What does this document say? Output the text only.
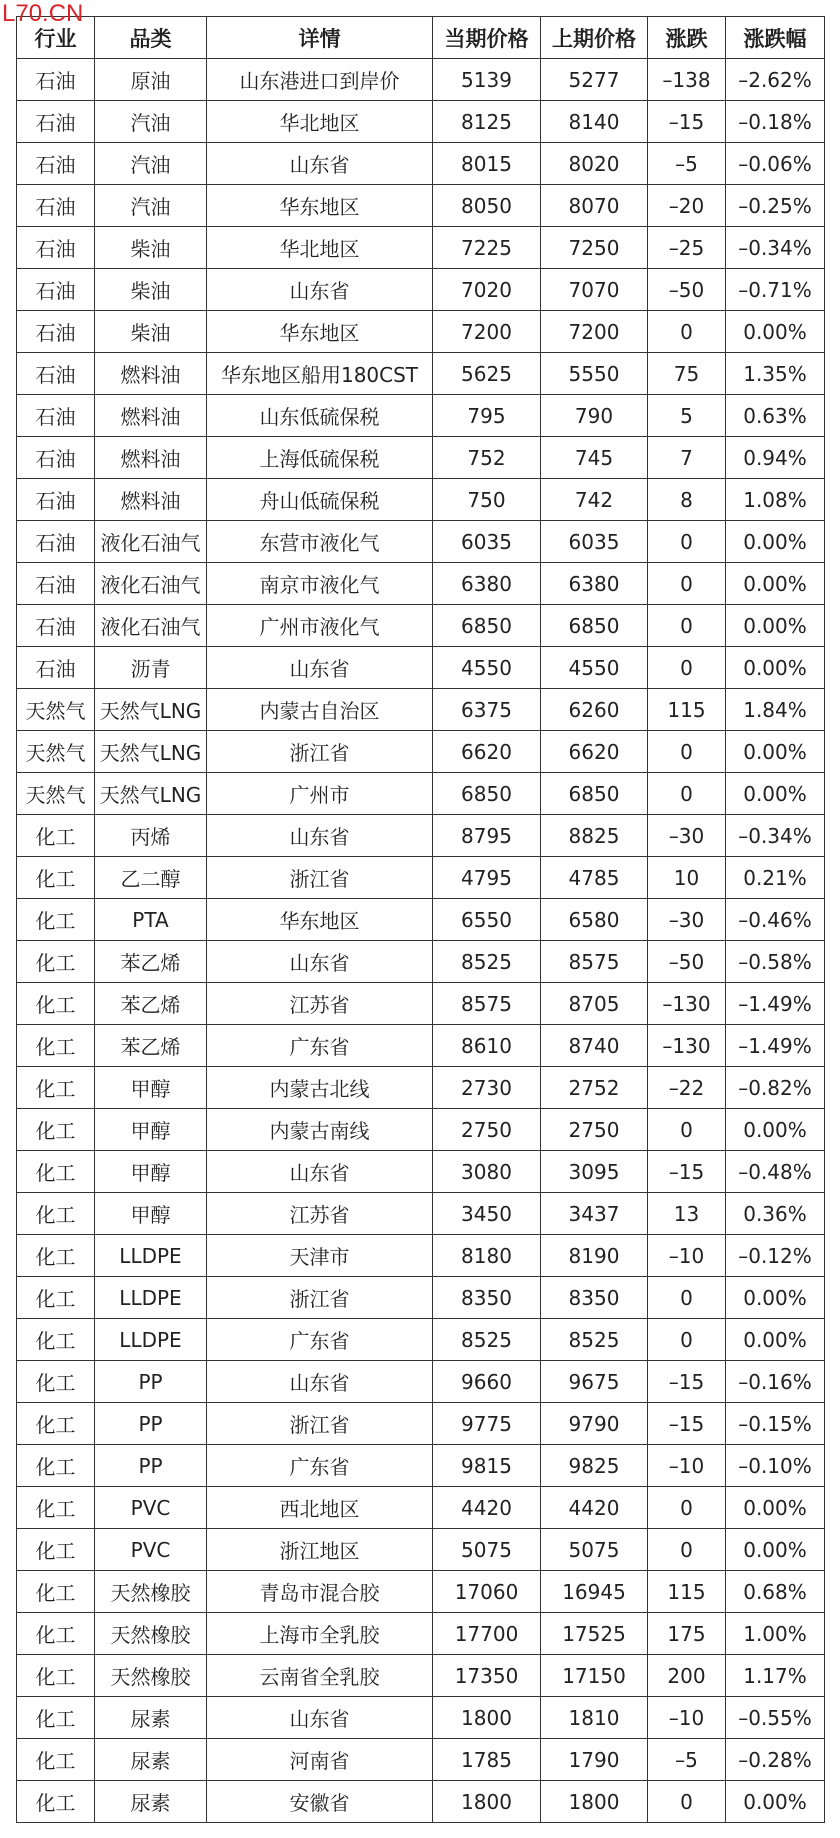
L70.CN
行业	品类	详情	当期价格	上期价格	涨跌	涨跌幅
石油	原油	山东港进口到岸价	5139	5277	–138	–2.62%
石油	汽油	华北地区	8125	8140	–15	–0.18%
石油	汽油	山东省	8015	8020	–5	–0.06%
石油	汽油	华东地区	8050	8070	–20	–0.25%
石油	柴油	华北地区	7225	7250	–25	–0.34%
石油	柴油	山东省	7020	7070	–50	–0.71%
石油	柴油	华东地区	7200	7200	0	0.00%
石油	燃料油	华东地区船用180CST	5625	5550	75	1.35%
石油	燃料油	山东低硫保税	795	790	5	0.63%
石油	燃料油	上海低硫保税	752	745	7	0.94%
石油	燃料油	舟山低硫保税	750	742	8	1.08%
石油	液化石油气	东营市液化气	6035	6035	0	0.00%
石油	液化石油气	南京市液化气	6380	6380	0	0.00%
石油	液化石油气	广州市液化气	6850	6850	0	0.00%
石油	沥青	山东省	4550	4550	0	0.00%
天然气	天然气LNG	内蒙古自治区	6375	6260	115	1.84%
天然气	天然气LNG	浙江省	6620	6620	0	0.00%
天然气	天然气LNG	广州市	6850	6850	0	0.00%
化工	丙烯	山东省	8795	8825	–30	–0.34%
化工	乙二醇	浙江省	4795	4785	10	0.21%
化工	PTA	华东地区	6550	6580	–30	–0.46%
化工	苯乙烯	山东省	8525	8575	–50	–0.58%
化工	苯乙烯	江苏省	8575	8705	–130	–1.49%
化工	苯乙烯	广东省	8610	8740	–130	–1.49%
化工	甲醇	内蒙古北线	2730	2752	–22	–0.82%
化工	甲醇	内蒙古南线	2750	2750	0	0.00%
化工	甲醇	山东省	3080	3095	–15	–0.48%
化工	甲醇	江苏省	3450	3437	13	0.36%
化工	LLDPE	天津市	8180	8190	–10	–0.12%
化工	LLDPE	浙江省	8350	8350	0	0.00%
化工	LLDPE	广东省	8525	8525	0	0.00%
化工	PP	山东省	9660	9675	–15	–0.16%
化工	PP	浙江省	9775	9790	–15	–0.15%
化工	PP	广东省	9815	9825	–10	–0.10%
化工	PVC	西北地区	4420	4420	0	0.00%
化工	PVC	浙江地区	5075	5075	0	0.00%
化工	天然橡胶	青岛市混合胶	17060	16945	115	0.68%
化工	天然橡胶	上海市全乳胶	17700	17525	175	1.00%
化工	天然橡胶	云南省全乳胶	17350	17150	200	1.17%
化工	尿素	山东省	1800	1810	–10	–0.55%
化工	尿素	河南省	1785	1790	–5	–0.28%
化工	尿素	安徽省	1800	1800	0	0.00%
